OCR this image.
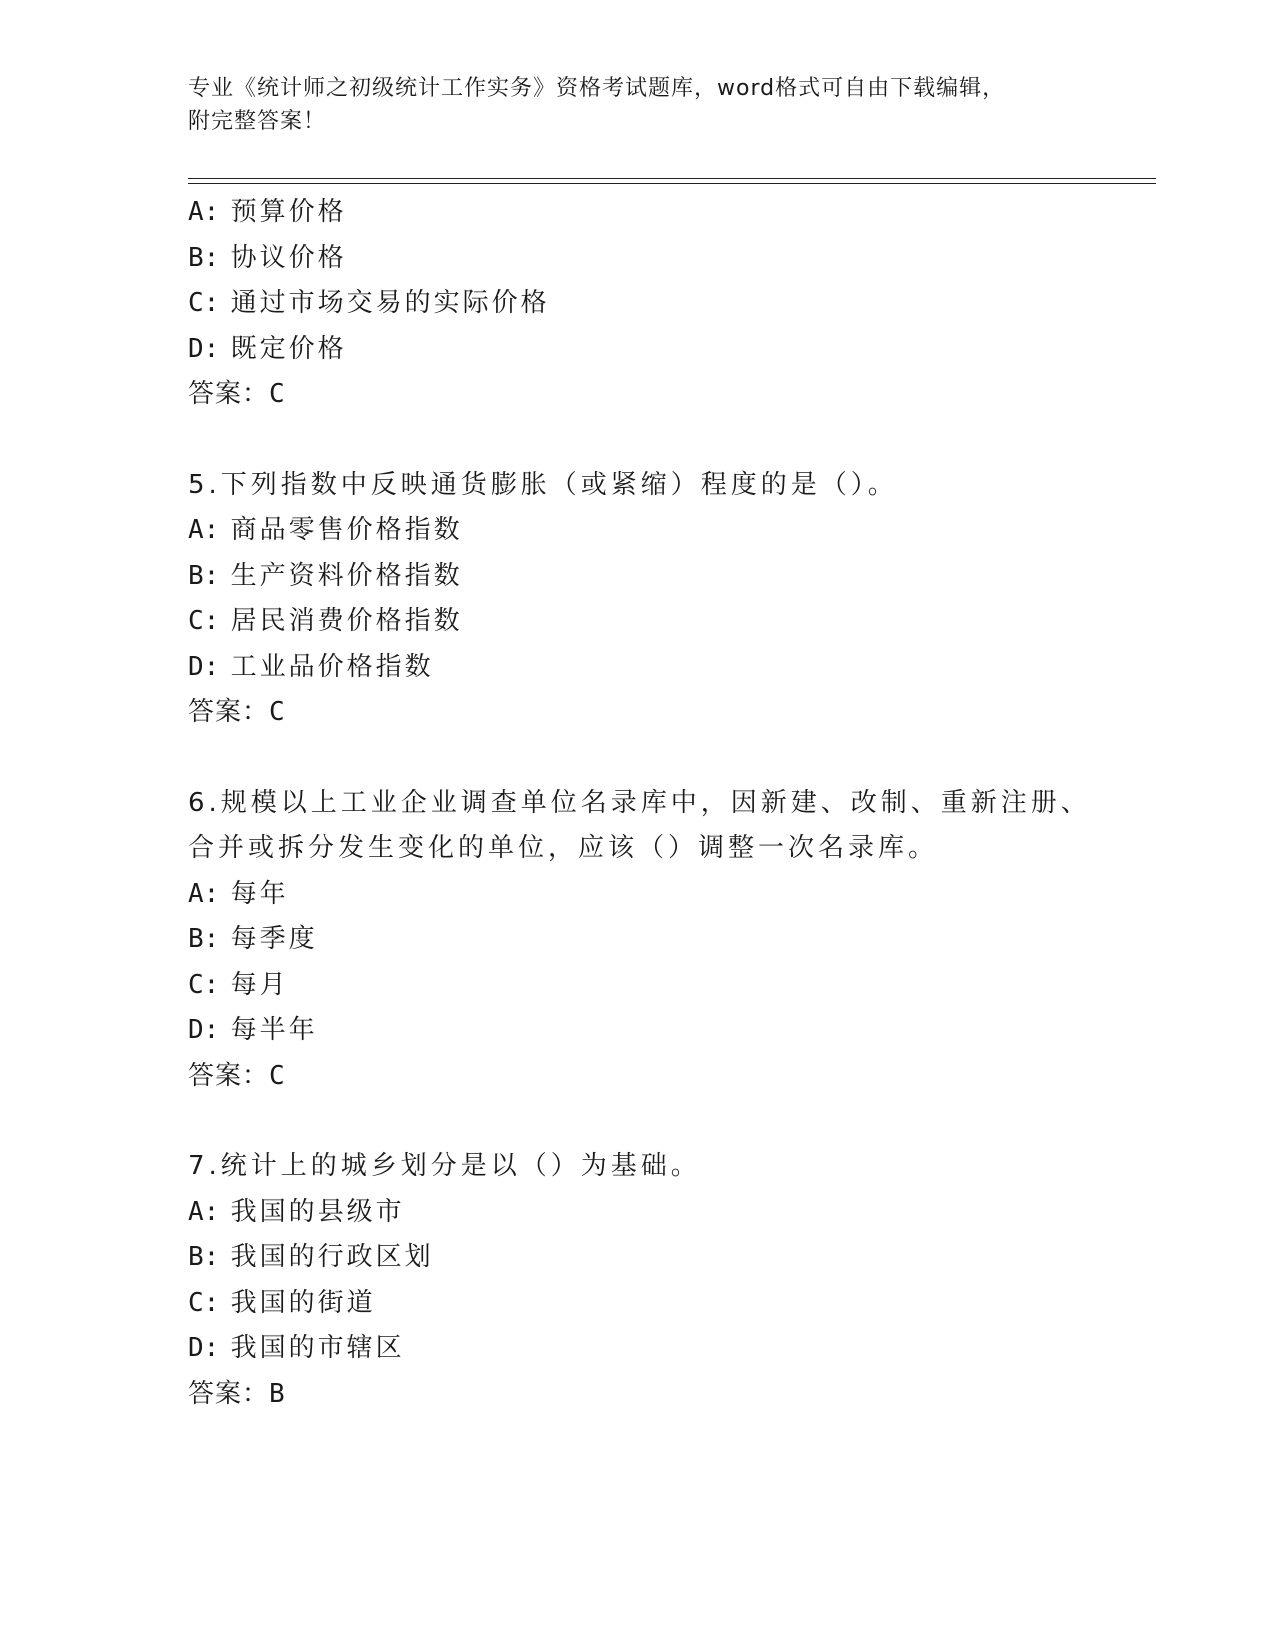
专业《统计师之初级统计工作实务》资格考试题库，word格式可自由下载编辑，
附完整答案！
A: 预算价格
B: 协议价格
C: 通过市场交易的实际价格
D: 既定价格
答案：C
5.下列指数中反映通货膨胀（或紧缩）程度的是（）。
A: 商品零售价格指数
B: 生产资料价格指数
C: 居民消费价格指数
D: 工业品价格指数
答案：C
6.规模以上工业企业调查单位名录库中，因新建、改制、重新注册、
合并或拆分发生变化的单位，应该（）调整一次名录库。
A: 每年
B: 每季度
C: 每月
D: 每半年
答案：C
7.统计上的城乡划分是以（）为基础。
A: 我国的县级市
B: 我国的行政区划
C: 我国的街道
D: 我国的市辖区
答案：B
